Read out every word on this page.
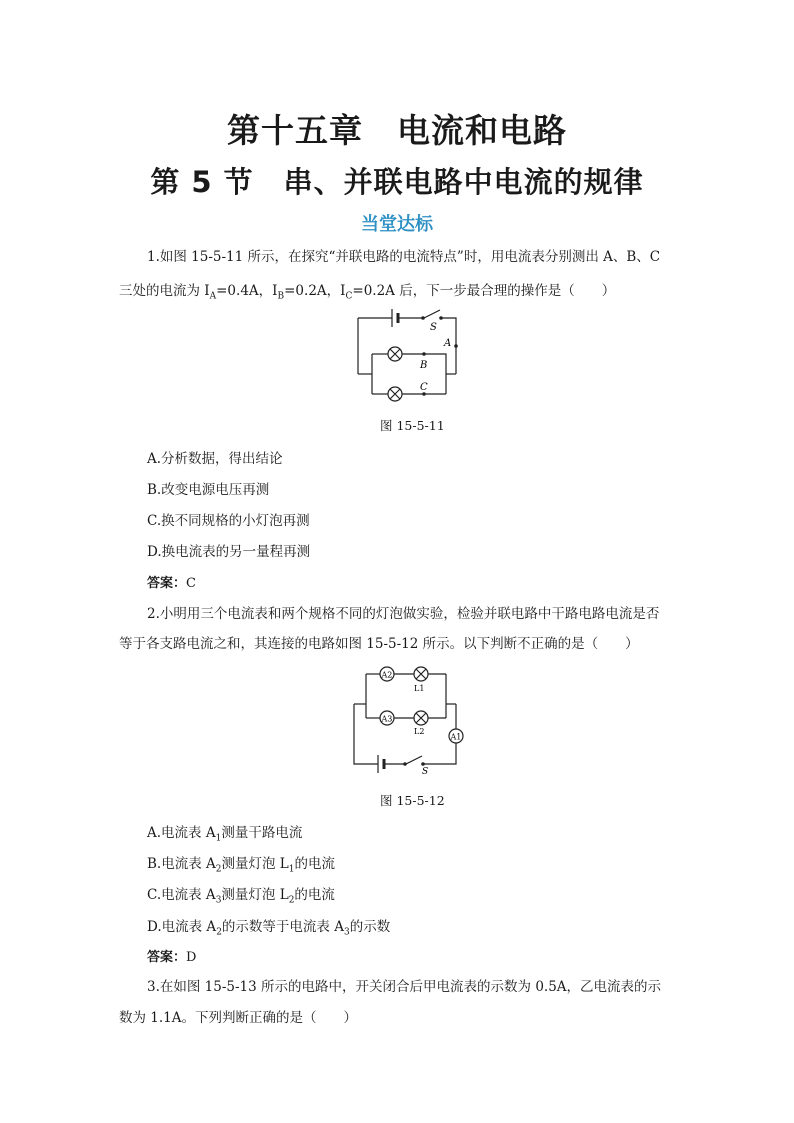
第十五章　电流和电路
第 5 节　串、并联电路中电流的规律
当堂达标
1.如图 15-5-11 所示，在探究“并联电路的电流特点”时，用电流表分别测出 A、B、C
三处的电流为 $I_A=0.4A$，$I_B=0.2A$，$I_C=0.2A$ 后，下一步最合理的操作是（　　）
S
A
B
C
图 15-5-11
A.分析数据，得出结论
B.改变电源电压再测
C.换不同规格的小灯泡再测
D.换电流表的另一量程再测
答案：C
2.小明用三个电流表和两个规格不同的灯泡做实验，检验并联电路中干路电路电流是否
等于各支路电流之和，其连接的电路如图 15-5-12 所示。以下判断不正确的是（　　）
A2
A3
A1
L1
L2
S
图 15-5-12
A.电流表 $A_1$测量干路电流
B.电流表 $A_2$测量灯泡 $L_1$的电流
C.电流表 $A_3$测量灯泡 $L_2$的电流
D.电流表 $A_2$的示数等于电流表 $A_3$的示数
答案：D
3.在如图 15-5-13 所示的电路中，开关闭合后甲电流表的示数为 0.5A，乙电流表的示
数为 1.1A。下列判断正确的是（　　）
